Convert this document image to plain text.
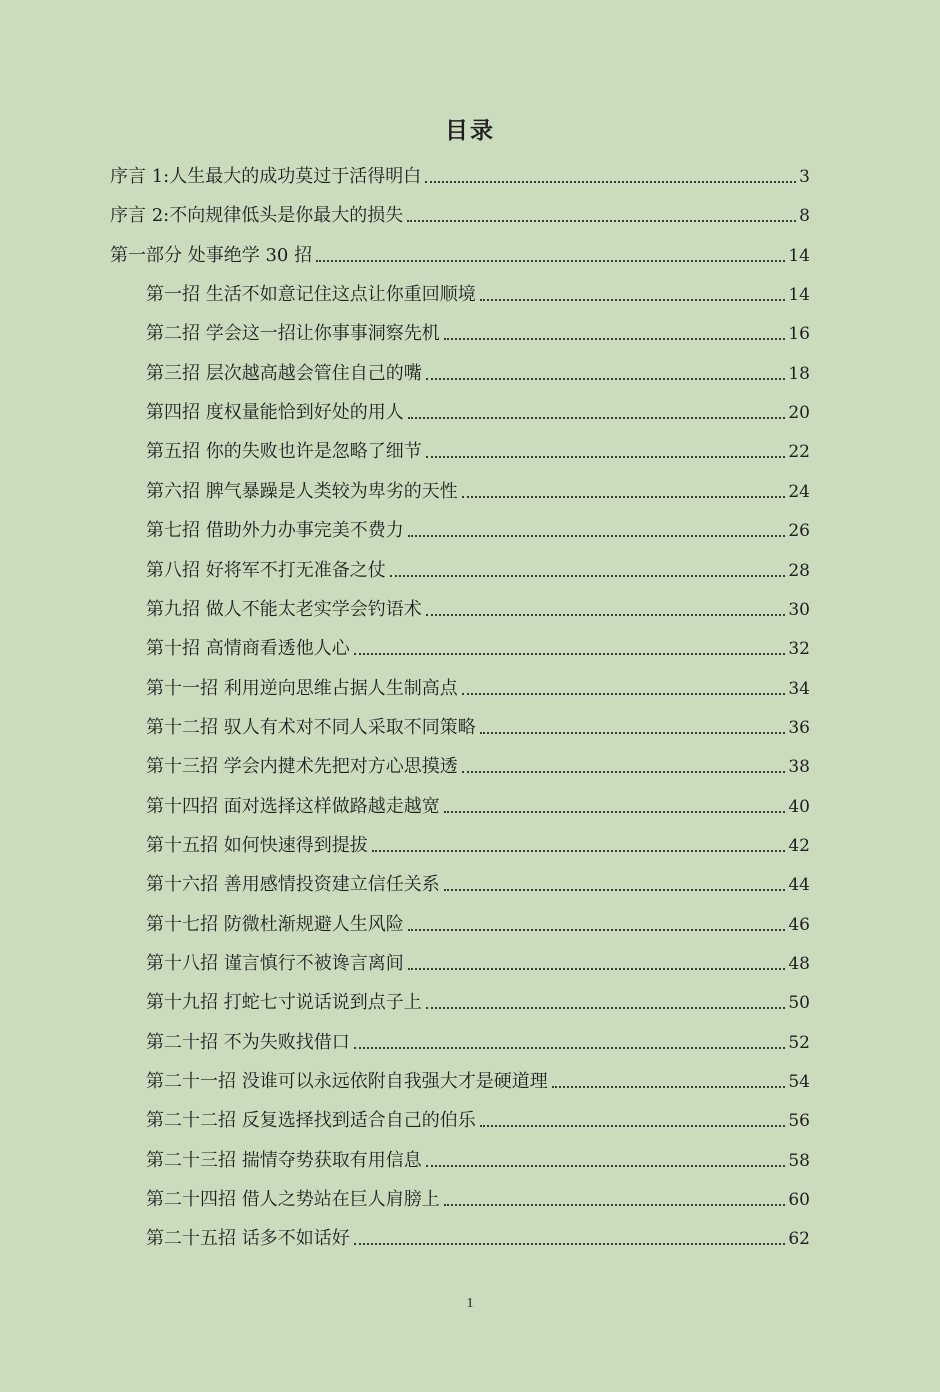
目录
序言 1:人生最大的成功莫过于活得明白	3
序言 2:不向规律低头是你最大的损失	8
第一部分 处事绝学 30 招	14
第一招 生活不如意记住这点让你重回顺境	14
第二招 学会这一招让你事事洞察先机	16
第三招 层次越高越会管住自己的嘴	18
第四招 度权量能恰到好处的用人	20
第五招 你的失败也许是忽略了细节	22
第六招 脾气暴躁是人类较为卑劣的天性	24
第七招 借助外力办事完美不费力	26
第八招 好将军不打无准备之仗	28
第九招 做人不能太老实学会钓语术	30
第十招 高情商看透他人心	32
第十一招 利用逆向思维占据人生制高点	34
第十二招 驭人有术对不同人采取不同策略	36
第十三招 学会内揵术先把对方心思摸透	38
第十四招 面对选择这样做路越走越宽	40
第十五招 如何快速得到提拔	42
第十六招 善用感情投资建立信任关系	44
第十七招 防微杜渐规避人生风险	46
第十八招 谨言慎行不被谗言离间	48
第十九招 打蛇七寸说话说到点子上	50
第二十招 不为失败找借口	52
第二十一招 没谁可以永远依附自我强大才是硬道理	54
第二十二招 反复选择找到适合自己的伯乐	56
第二十三招 揣情夺势获取有用信息	58
第二十四招 借人之势站在巨人肩膀上	60
第二十五招 话多不如话好	62
1
